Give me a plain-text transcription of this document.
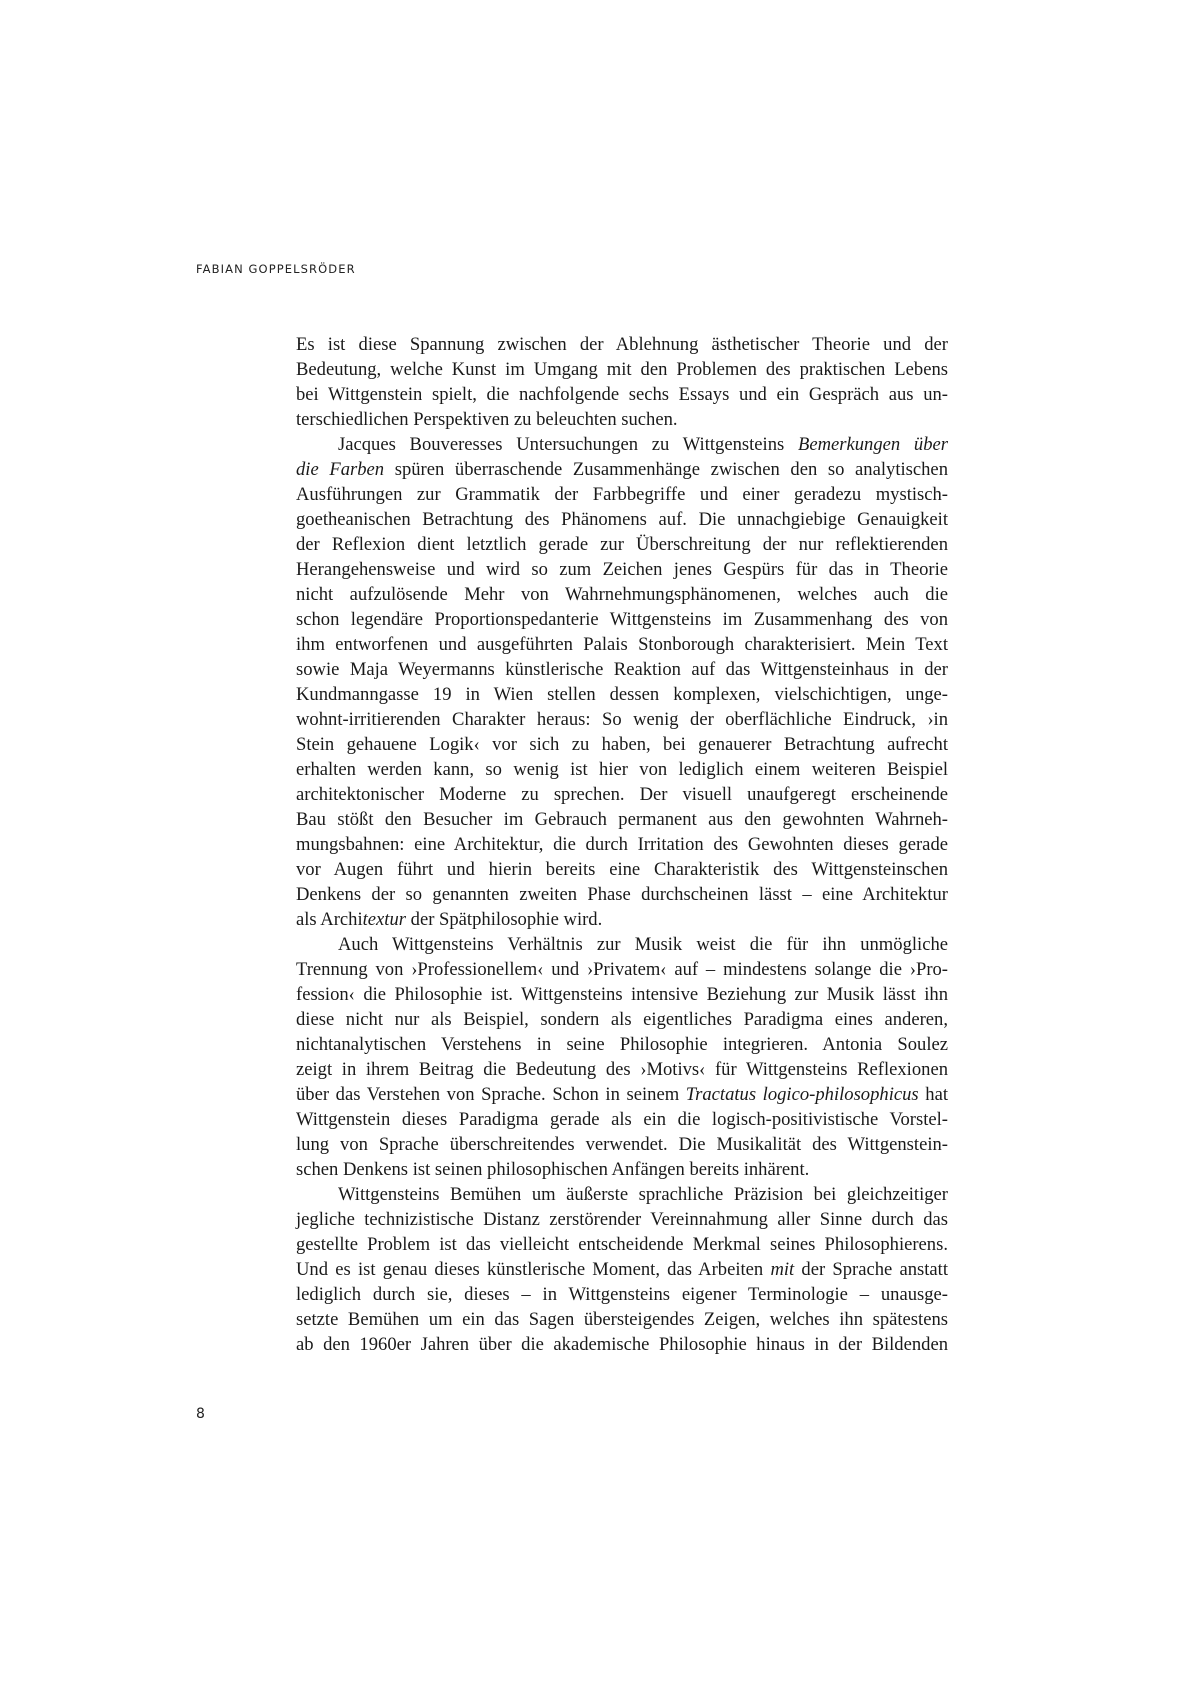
FABIAN GOPPELSRÖDER
Es ist diese Spannung zwischen der Ablehnung ästhetischer Theorie und der
Bedeutung, welche Kunst im Umgang mit den Problemen des praktischen Lebens
bei Wittgenstein spielt, die nachfolgende sechs Essays und ein Gespräch aus un-
terschiedlichen Perspektiven zu beleuchten suchen.
Jacques Bouveresses Untersuchungen zu Wittgensteins Bemerkungen über
die Farben spüren überraschende Zusammenhänge zwischen den so analytischen
Ausführungen zur Grammatik der Farbbegriffe und einer geradezu mystisch-
goetheanischen Betrachtung des Phänomens auf. Die unnachgiebige Genauigkeit
der Reflexion dient letztlich gerade zur Überschreitung der nur reflektierenden
Herangehensweise und wird so zum Zeichen jenes Gespürs für das in Theorie
nicht aufzulösende Mehr von Wahrnehmungsphänomenen, welches auch die
schon legendäre Proportionspedanterie Wittgensteins im Zusammenhang des von
ihm entworfenen und ausgeführten Palais Stonborough charakterisiert. Mein Text
sowie Maja Weyermanns künstlerische Reaktion auf das Wittgensteinhaus in der
Kundmanngasse 19 in Wien stellen dessen komplexen, vielschichtigen, unge-
wohnt-irritierenden Charakter heraus: So wenig der oberflächliche Eindruck, ›in
Stein gehauene Logik‹ vor sich zu haben, bei genauerer Betrachtung aufrecht
erhalten werden kann, so wenig ist hier von lediglich einem weiteren Beispiel
architektonischer Moderne zu sprechen. Der visuell unaufgeregt erscheinende
Bau stößt den Besucher im Gebrauch permanent aus den gewohnten Wahrneh-
mungsbahnen: eine Architektur, die durch Irritation des Gewohnten dieses gerade
vor Augen führt und hierin bereits eine Charakteristik des Wittgensteinschen
Denkens der so genannten zweiten Phase durchscheinen lässt – eine Architektur
als Architextur der Spätphilosophie wird.
Auch Wittgensteins Verhältnis zur Musik weist die für ihn unmögliche
Trennung von ›Professionellem‹ und ›Privatem‹ auf – mindestens solange die ›Pro-
fession‹ die Philosophie ist. Wittgensteins intensive Beziehung zur Musik lässt ihn
diese nicht nur als Beispiel, sondern als eigentliches Paradigma eines anderen,
nichtanalytischen Verstehens in seine Philosophie integrieren. Antonia Soulez
zeigt in ihrem Beitrag die Bedeutung des ›Motivs‹ für Wittgensteins Reflexionen
über das Verstehen von Sprache. Schon in seinem Tractatus logico-philosophicus hat
Wittgenstein dieses Paradigma gerade als ein die logisch-positivistische Vorstel-
lung von Sprache überschreitendes verwendet. Die Musikalität des Wittgenstein-
schen Denkens ist seinen philosophischen Anfängen bereits inhärent.
Wittgensteins Bemühen um äußerste sprachliche Präzision bei gleichzeitiger
jegliche technizistische Distanz zerstörender Vereinnahmung aller Sinne durch das
gestellte Problem ist das vielleicht entscheidende Merkmal seines Philosophierens.
Und es ist genau dieses künstlerische Moment, das Arbeiten mit der Sprache anstatt
lediglich durch sie, dieses – in Wittgensteins eigener Terminologie – unausge-
setzte Bemühen um ein das Sagen übersteigendes Zeigen, welches ihn spätestens
ab den 1960er Jahren über die akademische Philosophie hinaus in der Bildenden
8
